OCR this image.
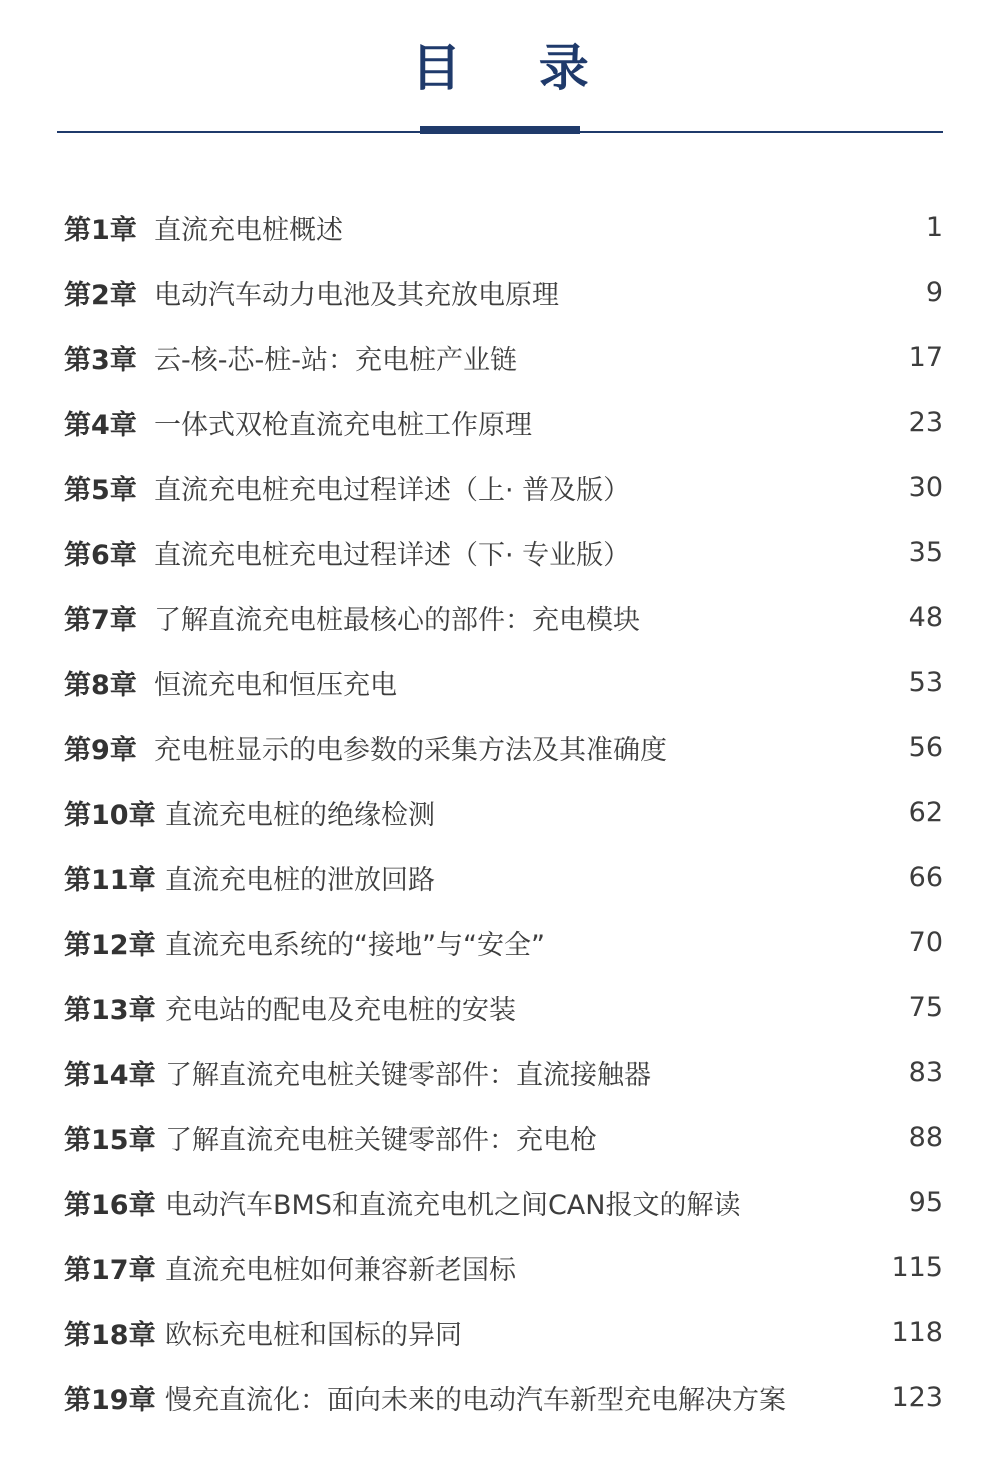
目 录
第1章 直流充电桩概述	1
第2章 电动汽车动力电池及其充放电原理	9
第3章 云-核-芯-桩-站：充电桩产业链	17
第4章 一体式双枪直流充电桩工作原理	23
第5章 直流充电桩充电过程详述（上· 普及版）	30
第6章 直流充电桩充电过程详述（下· 专业版）	35
第7章 了解直流充电桩最核心的部件：充电模块	48
第8章 恒流充电和恒压充电	53
第9章 充电桩显示的电参数的采集方法及其准确度	56
第10章 直流充电桩的绝缘检测	62
第11章 直流充电桩的泄放回路	66
第12章 直流充电系统的“接地”与“安全”	70
第13章 充电站的配电及充电桩的安装	75
第14章 了解直流充电桩关键零部件：直流接触器	83
第15章 了解直流充电桩关键零部件：充电枪	88
第16章 电动汽车BMS和直流充电机之间CAN报文的解读	95
第17章 直流充电桩如何兼容新老国标	115
第18章 欧标充电桩和国标的异同	118
第19章 慢充直流化：面向未来的电动汽车新型充电解决方案	123
